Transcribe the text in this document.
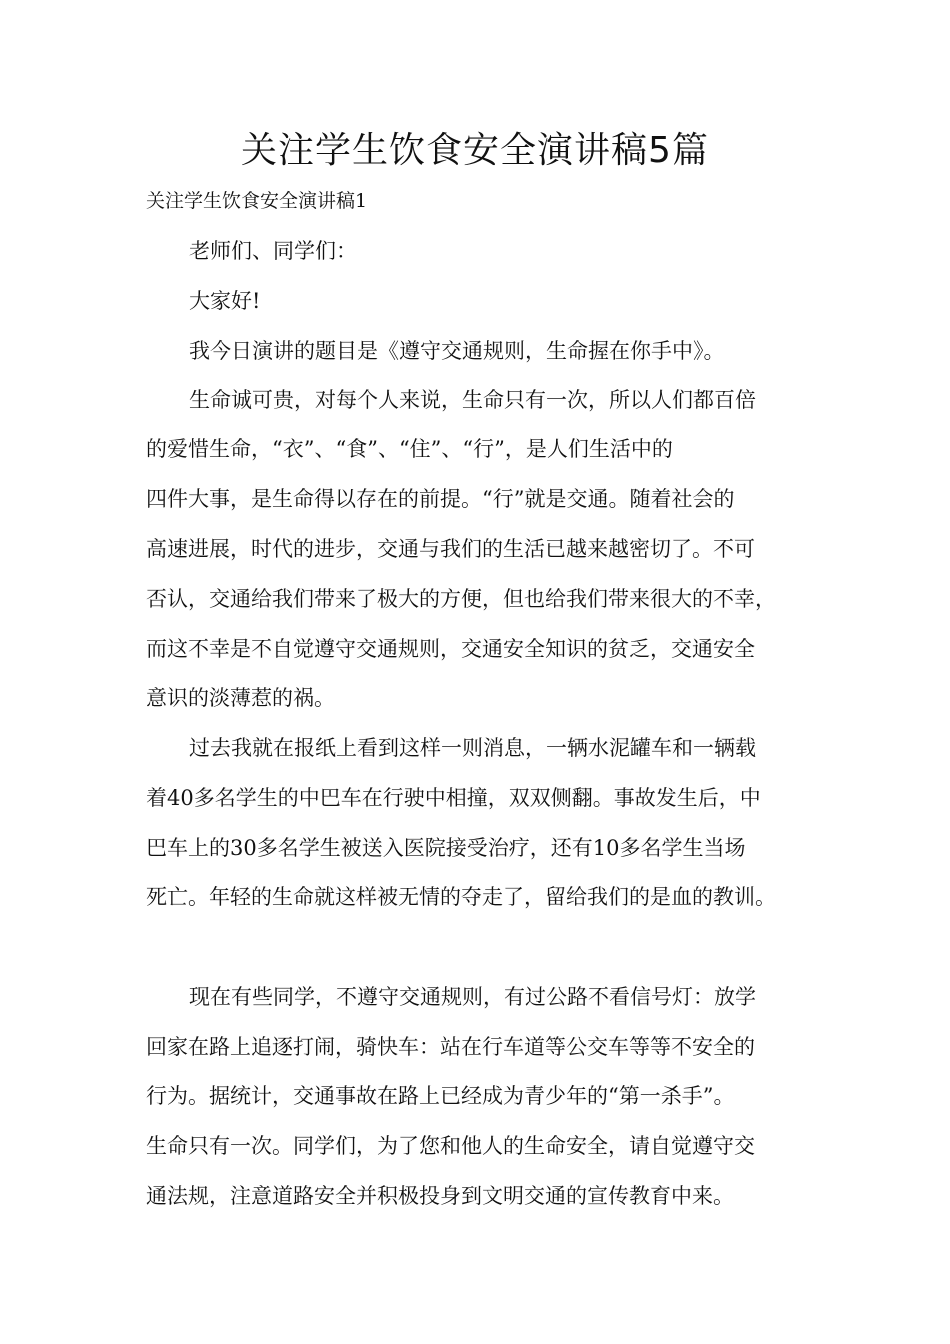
关注学生饮食安全演讲稿5篇

关注学生饮食安全演讲稿1

老师们、同学们：

大家好!

我今日演讲的题目是《遵守交通规则，生命握在你手中》。

生命诚可贵，对每个人来说，生命只有一次，所以人们都百倍

的爱惜生命，“衣”、“食”、“住”、“行”，是人们生活中的

四件大事，是生命得以存在的前提。“行”就是交通。随着社会的

高速进展，时代的进步，交通与我们的生活已越来越密切了。不可

否认，交通给我们带来了极大的方便，但也给我们带来很大的不幸，

而这不幸是不自觉遵守交通规则，交通安全知识的贫乏，交通安全

意识的淡薄惹的祸。

过去我就在报纸上看到这样一则消息，一辆水泥罐车和一辆载

着40多名学生的中巴车在行驶中相撞，双双侧翻。事故发生后，中

巴车上的30多名学生被送入医院接受治疗，还有10多名学生当场

死亡。年轻的生命就这样被无情的夺走了，留给我们的是血的教训。

现在有些同学，不遵守交通规则，有过公路不看信号灯：放学

回家在路上追逐打闹，骑快车：站在行车道等公交车等等不安全的

行为。据统计，交通事故在路上已经成为青少年的“第一杀手”。

生命只有一次。同学们，为了您和他人的生命安全，请自觉遵守交

通法规，注意道路安全并积极投身到文明交通的宣传教育中来。
